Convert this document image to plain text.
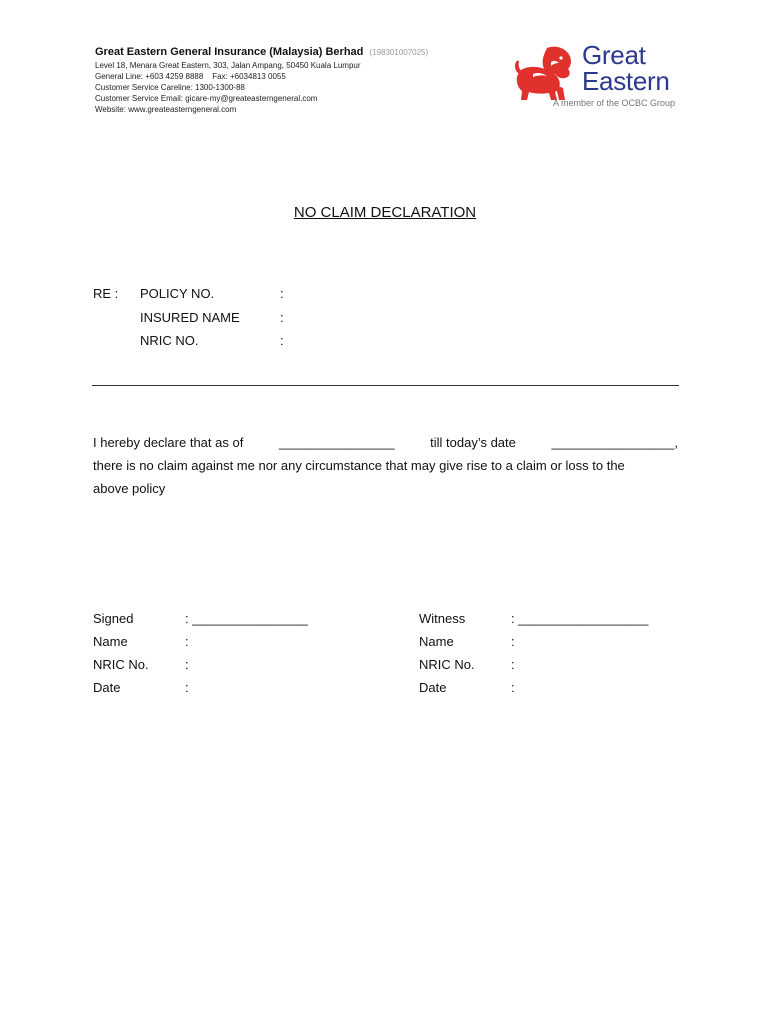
Great Eastern General Insurance (Malaysia) Berhad (198301007025)
Level 18, Menara Great Eastern, 303, Jalan Ampang, 50450 Kuala Lumpur
General Line: +603 4259 8888    Fax: +6034813 0055
Customer Service Careline: 1300-1300-88
Customer Service Email: gicare-my@greateasterngeneral.com
Website: www.greateasterngeneral.com
Great
Eastern
A member of the OCBC Group
NO CLAIM DECLARATION
RE : POLICY NO.	:
INSURED NAME	:
NRIC NO.	:
I hereby declare that as of	________________	till today’s date	_________________,
there is no claim against me nor any circumstance that may give rise to a claim or loss to the
above policy
Signed	: ________________
Name	:
NRIC No.	:
Date	:
Witness	: __________________
Name	:
NRIC No.	:
Date	:
